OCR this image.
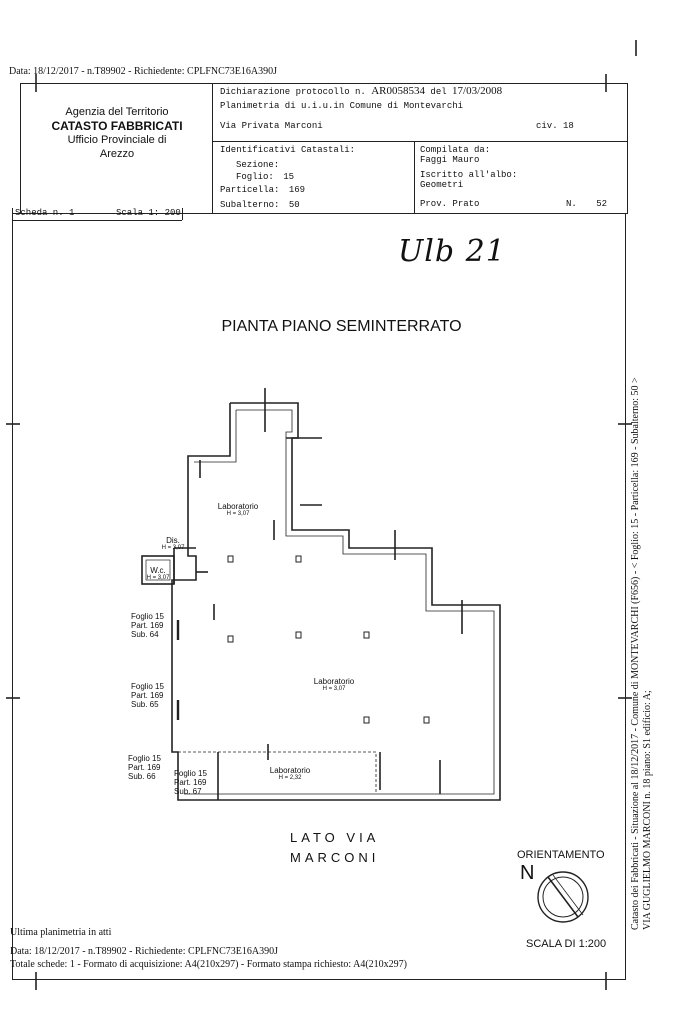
Data: 18/12/2017 - n.T89902 - Richiedente: CPLFNC73E16A390J
Agenzia del Territorio
CATASTO FABBRICATI
Ufficio Provinciale di
Arezzo
Dichiarazione protocollo n. AR0058534 del 17/03/2008
Planimetria di u.i.u.in Comune di Montevarchi
Via Privata Marconi	civ. 18
Identificativi Catastali:
Sezione:
Foglio: 15
Particella: 169
Subalterno: 50
Compilata da:
Faggi Mauro
Iscritto all'albo:
Geometri
Prov. Prato	N. 52
Scheda n. 1	Scala 1: 200
Ulb 21
PIANTA PIANO SEMINTERRATO
Laboratorio
H = 3,07
Dis.
H = 3,07
W.c.
H = 3,07
Laboratorio
H = 3,07
Laboratorio
H = 2,32
Foglio 15
Part. 169
Sub. 64
Foglio 15
Part. 169
Sub. 65
Foglio 15
Part. 169
Sub. 66	Foglio 15
Part. 169
Sub. 67
LATO VIA
MARCONI	ORIENTAMENTO
N
SCALA DI 1:200
Catasto dei Fabbricati - Situazione al 18/12/2017 - Comune di MONTEVARCHI (F656) - < Foglio: 15 - Particella: 169 - Subalterno: 50 > VIA GUGLIELMO MARCONI n. 18 piano: S1 edificio: A;
Ultima planimetria in atti
Data: 18/12/2017 - n.T89902 - Richiedente: CPLFNC73E16A390J
Totale schede: 1 - Formato di acquisizione: A4(210x297) - Formato stampa richiesto: A4(210x297)
